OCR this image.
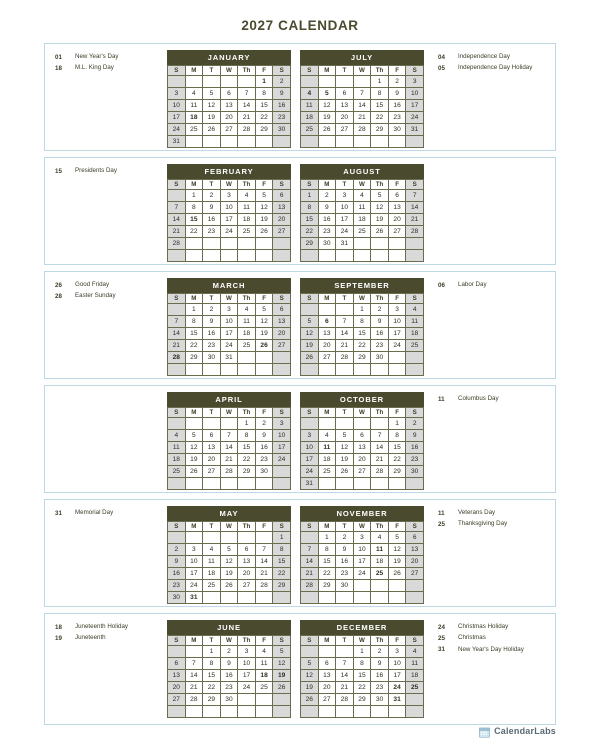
2027 CALENDAR
01	New Year's Day
18	M.L. King Day
JANUARY
S	M	T	W	Th	F	S
					1	2
3	4	5	6	7	8	9
10	11	12	13	14	15	16
17	18	19	20	21	22	23
24	25	26	27	28	29	30
31						
JULY
S	M	T	W	Th	F	S
				1	2	3
4	5	6	7	8	9	10
11	12	13	14	15	16	17
18	19	20	21	22	23	24
25	26	27	28	29	30	31

04	Independence Day
05	Independence Day Holiday
15	Presidents Day	FEBRUARY
S	M	T	W	Th	F	S
	1	2	3	4	5	6
7	8	9	10	11	12	13
14	15	16	17	18	19	20
21	22	23	24	25	26	27
28						

AUGUST
S	M	T	W	Th	F	S
1	2	3	4	5	6	7
8	9	10	11	12	13	14
15	16	17	18	19	20	21
22	23	24	25	26	27	28
29	30	31				

26	Good Friday
28	Easter Sunday
MARCH
S	M	T	W	Th	F	S
	1	2	3	4	5	6
7	8	9	10	11	12	13
14	15	16	17	18	19	20
21	22	23	24	25	26	27
28	29	30	31			

SEPTEMBER
S	M	T	W	Th	F	S
			1	2	3	4
5	6	7	8	9	10	11
12	13	14	15	16	17	18
19	20	21	22	23	24	25
26	27	28	29	30		

06	Labor Day
APRIL
S	M	T	W	Th	F	S
				1	2	3
4	5	6	7	8	9	10
11	12	13	14	15	16	17
18	19	20	21	22	23	24
25	26	27	28	29	30	

OCTOBER
S	M	T	W	Th	F	S
					1	2
3	4	5	6	7	8	9
10	11	12	13	14	15	16
17	18	19	20	21	22	23
24	25	26	27	28	29	30
31						
11	Columbus Day
31	Memorial Day	MAY
S	M	T	W	Th	F	S
						1
2	3	4	5	6	7	8
9	10	11	12	13	14	15
16	17	18	19	20	21	22
23	24	25	26	27	28	29
30	31					
NOVEMBER
S	M	T	W	Th	F	S
	1	2	3	4	5	6
7	8	9	10	11	12	13
14	15	16	17	18	19	20
21	22	23	24	25	26	27
28	29	30				

11	Veterans Day
25	Thanksgiving Day
18	Juneteenth Holiday
19	Juneteenth
JUNE
S	M	T	W	Th	F	S
		1	2	3	4	5
6	7	8	9	10	11	12
13	14	15	16	17	18	19
20	21	22	23	24	25	26
27	28	29	30			

DECEMBER
S	M	T	W	Th	F	S
			1	2	3	4
5	6	7	8	9	10	11
12	13	14	15	16	17	18
19	20	21	22	23	24	25
26	27	28	29	30	31	

24	Christmas Holiday
25	Christmas
31	New Year's Day Holiday
CalendarLabs
